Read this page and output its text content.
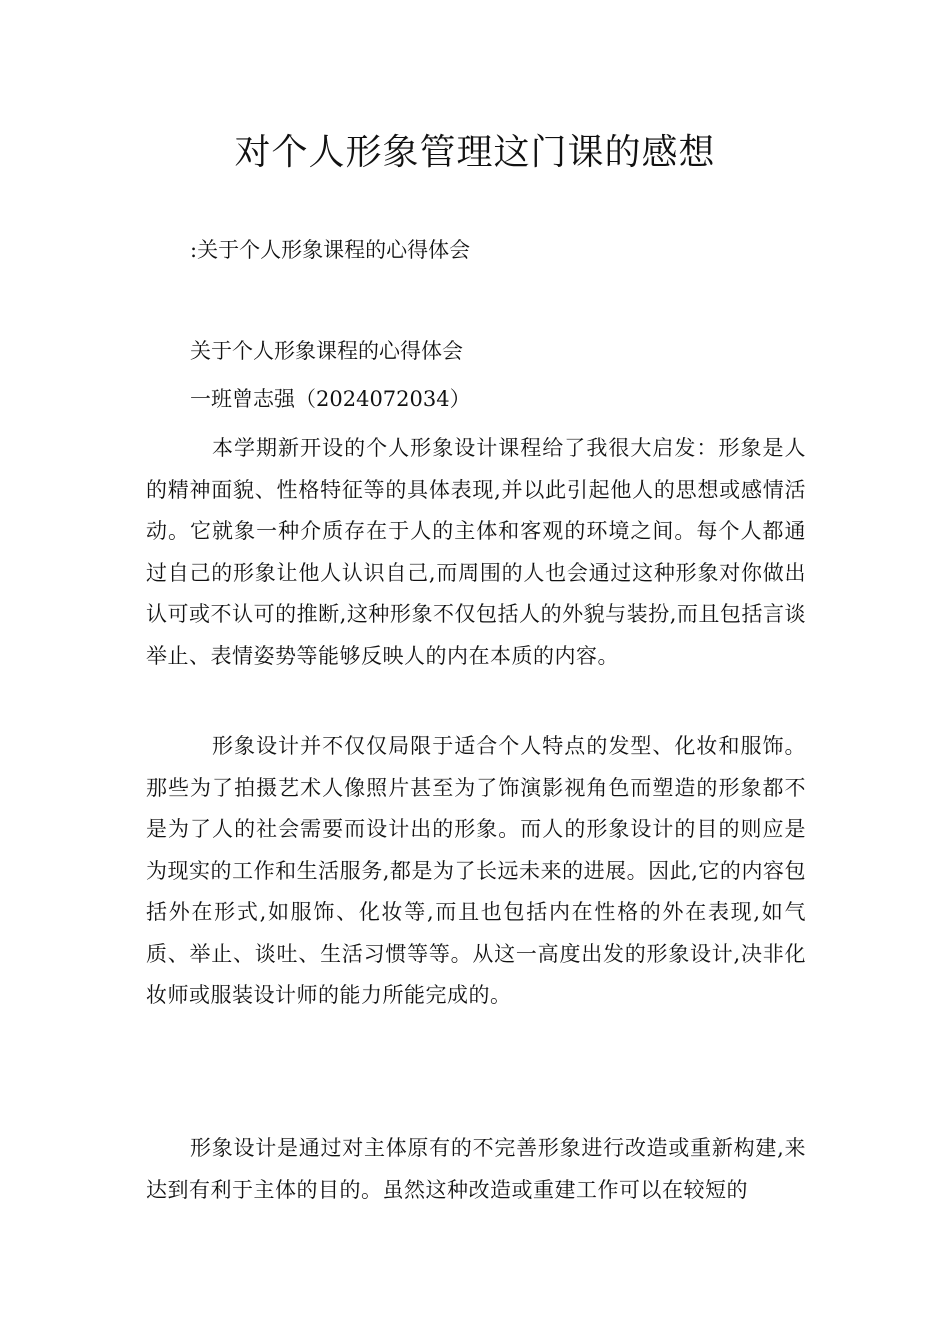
对个人形象管理这门课的感想

:关于个人形象课程的心得体会

关于个人形象课程的心得体会

一班曾志强（2024072034）

本学期新开设的个人形象设计课程给了我很大启发：形象是人的精神面貌、性格特征等的具体表现,并以此引起他人的思想或感情活动。它就象一种介质存在于人的主体和客观的环境之间。每个人都通过自己的形象让他人认识自己,而周围的人也会通过这种形象对你做出认可或不认可的推断,这种形象不仅包括人的外貌与装扮,而且包括言谈举止、表情姿势等能够反映人的内在本质的内容。

形象设计并不仅仅局限于适合个人特点的发型、化妆和服饰。那些为了拍摄艺术人像照片甚至为了饰演影视角色而塑造的形象都不是为了人的社会需要而设计出的形象。而人的形象设计的目的则应是为现实的工作和生活服务,都是为了长远未来的进展。因此,它的内容包括外在形式,如服饰、化妆等,而且也包括内在性格的外在表现,如气质、举止、谈吐、生活习惯等等。从这一高度出发的形象设计,决非化妆师或服装设计师的能力所能完成的。

形象设计是通过对主体原有的不完善形象进行改造或重新构建,来达到有利于主体的目的。虽然这种改造或重建工作可以在较短的
